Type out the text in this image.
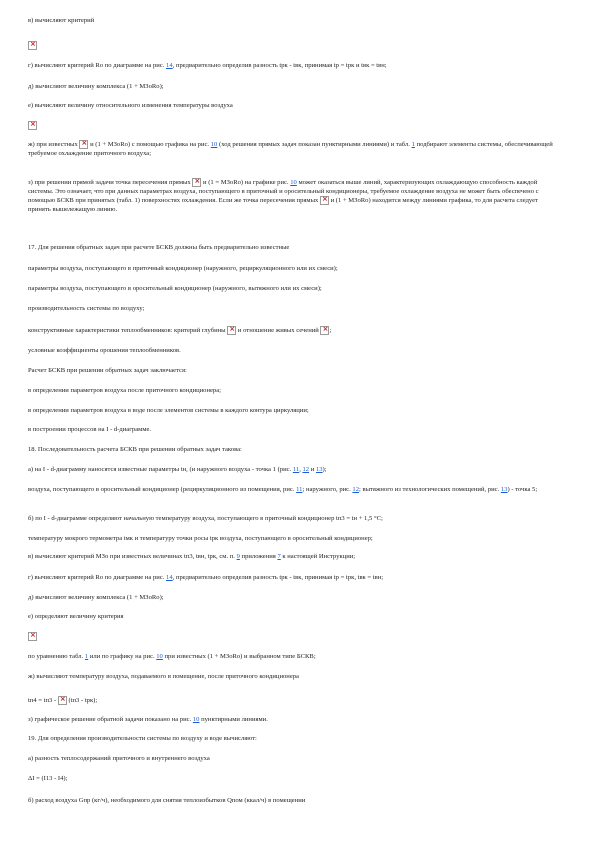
в) вычисляют критерий

×

г) вычисляют критерий Rо по диаграмме на рис. 14, предварительно определив разность tрк - tвк, принимая tр = tрк и tвк = tвн;

д) вычисляют величину комплекса (1 + МЗoRо);

е) вычисляют величину относительного изменения температуры воздуха

×

ж) при известных × и (1 + МЗoRо) с помощью графика на рис. 10 (ход решения прямых задач показан пунктирными линиями) и табл. 1 подбирают элементы системы, обеспечивающей требуемое охлаждение приточного воздуха;

з) при решении прямой задачи точка пересечения прямых × и (1 = МЗoRо) на графике рис. 10 может оказаться выше линий, характеризующих охлаждающую способность каждой системы. Это означает, что при данных параметрах воздуха, поступающего в приточный и оросительный кондиционеры, требуемое охлаждение воздуха не может быть обеспечено с помощью БСКВ при принятых (табл. 1) поверхностях охлаждения. Если же точка пересечения прямых × и (1 + МЗoRо) находится между линиями графика, то для расчета следует принять вышележащую линию.

17. Для решения обратных задач при расчете БСКВ должны быть предварительно известные

параметры воздуха, поступающего в приточный кондиционер (наружного, рециркуляционного или их смеси);

параметры воздуха, поступающего в оросительный кондиционер (наружного, вытяжного или их смеси);

производительность системы по воздуху;

конструктивные характеристики теплообменников: критерий глубины × и отношение живых сечений × ;

условные коэффициенты орошения теплообменников.

Расчет БСКВ при решении обратных задач заключается:

в определении параметров воздуха после приточного кондиционера;

в определении параметров воздуха в воде после элементов системы в каждого контура циркуляции;

в построении процессов на I - d-диаграмме.

18. Последовательность расчета БСКВ при решении обратных задач такова:

а) на I - d-диаграмму наносятся известные параметры tн, (и наружного воздуха - точка 1 (рис. 11, 12 и 13);

воздуха, поступающего в оросительный кондиционер (рециркуляционного из помещения, рис. 11; наружного, рис. 12; вытяжного из технологических помещений, рис. 13) - точка 5;

б) по I - d-диаграмме определяют начальную температуру воздуха, поступающего в приточный кондиционер tп3 = tн + 1,5 °С;

температуру мокрого термометра tмк и температуру точки росы tрк воздуха, поступающего в оросительный кондиционер;

в) вычисляют критерий МЗо при известных величинах tп3, tвн, tрк, см. п. 9 приложения 7 к настоящей Инструкции;

г) вычисляют критерий Rо по диаграмме на рис. 14, предварительно определив разность tрк - tвк, принимая tр = tрк, tвк = tвн;

д) вычисляют величину комплекса (1 + МЗoRо);

е) определяют величину критерия

×

по уравнению табл. 1 или по графику на рис. 10 при известных (1 + МЗoRо) и выбранном типе БСКВ;

ж) вычисляют температуру воздуха, подаваемого в помещение, после приточного кондиционера

tп4 = tп3 - × (tп3 - tрк);

з) графическое решение обратной задачи показано на рис. 10 пунктирными линиями.

19. Для определения производительности системы по воздуху и воде вычисляют:

а) разность теплосодержаний приточного и внутреннего воздуха

ΔI = (I13 - I4);

б) расход воздуха Gпр (кг/ч), необходимого для снятия теплоизбытков Qпом (ккал/ч) в помещении
